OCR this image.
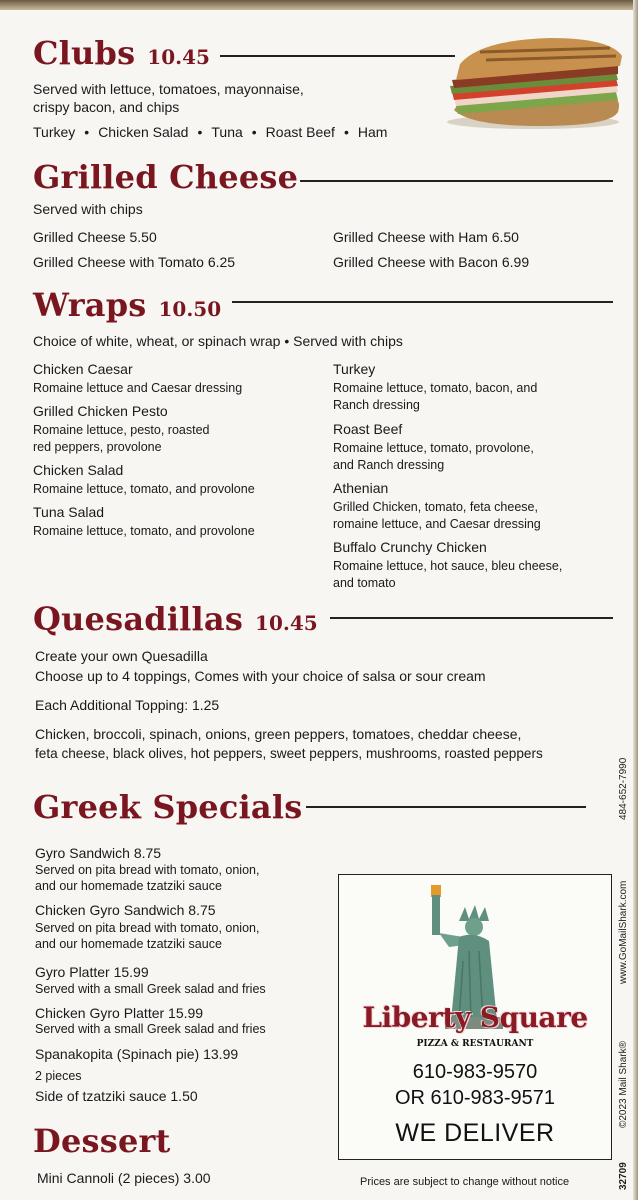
Clubs 10.45
Served with lettuce, tomatoes, mayonnaise,
crispy bacon, and chips
Turkey • Chicken Salad • Tuna • Roast Beef • Ham
Grilled Cheese
Served with chips
Grilled Cheese 5.50
Grilled Cheese with Tomato 6.25
Grilled Cheese with Ham 6.50
Grilled Cheese with Bacon 6.99
Wraps 10.50
Choice of white, wheat, or spinach wrap • Served with chips
Chicken Caesar
Romaine lettuce and Caesar dressing
Grilled Chicken Pesto
Romaine lettuce, pesto, roasted
red peppers, provolone
Chicken Salad
Romaine lettuce, tomato, and provolone
Tuna Salad
Romaine lettuce, tomato, and provolone
Turkey
Romaine lettuce, tomato, bacon, and
Ranch dressing
Roast Beef
Romaine lettuce, tomato, provolone,
and Ranch dressing
Athenian
Grilled Chicken, tomato, feta cheese,
romaine lettuce, and Caesar dressing
Buffalo Crunchy Chicken
Romaine lettuce, hot sauce, bleu cheese,
and tomato
Quesadillas 10.45
Create your own Quesadilla
Choose up to 4 toppings, Comes with your choice of salsa or sour cream
Each Additional Topping: 1.25
Chicken, broccoli, spinach, onions, green peppers, tomatoes, cheddar cheese,
feta cheese, black olives, hot peppers, sweet peppers, mushrooms, roasted peppers
Greek Specials
Gyro Sandwich 8.75
Served on pita bread with tomato, onion,
and our homemade tzatziki sauce
Chicken Gyro Sandwich 8.75
Served on pita bread with tomato, onion,
and our homemade tzatziki sauce
Gyro Platter 15.99
Served with a small Greek salad and fries
Chicken Gyro Platter 15.99
Served with a small Greek salad and fries
Spanakopita (Spinach pie) 13.99
2 pieces
Side of tzatziki sauce 1.50
Dessert
Mini Cannoli (2 pieces) 3.00
Liberty Square
PIZZA & RESTAURANT
610-983-9570
OR 610-983-9571
WE DELIVER
Prices are subject to change without notice
484-652-7990
www.GoMailShark.com
©2023 Mail Shark®
32709
